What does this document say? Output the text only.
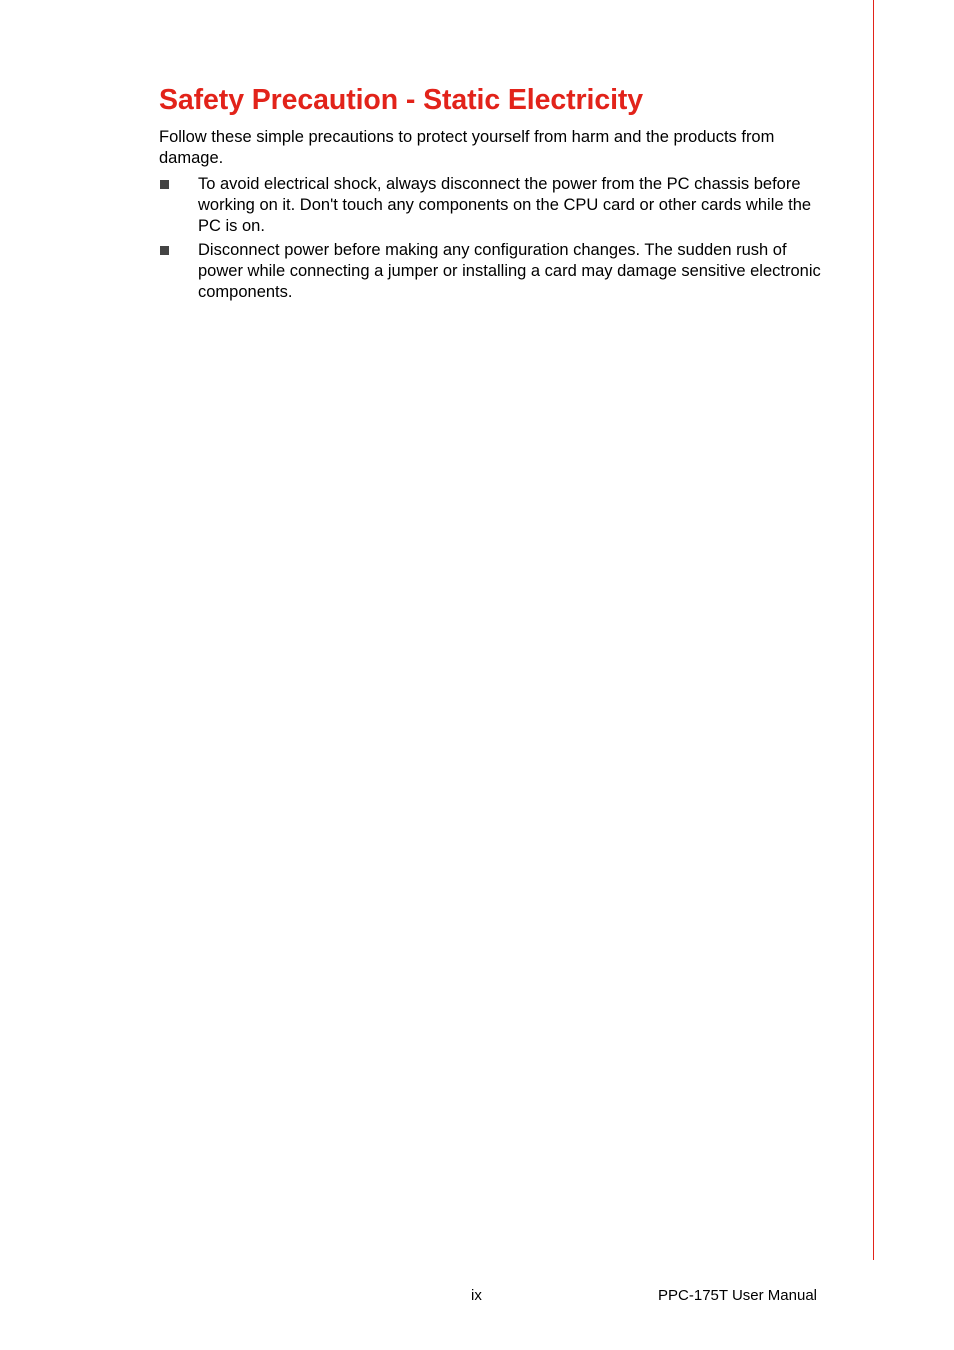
Safety Precaution - Static Electricity

Follow these simple precautions to protect yourself from harm and the products from damage.

To avoid electrical shock, always disconnect the power from the PC chassis before working on it. Don't touch any components on the CPU card or other cards while the PC is on.
Disconnect power before making any configuration changes. The sudden rush of power while connecting a jumper or installing a card may damage sensitive electronic components.
ix	PPC-175T User Manual
